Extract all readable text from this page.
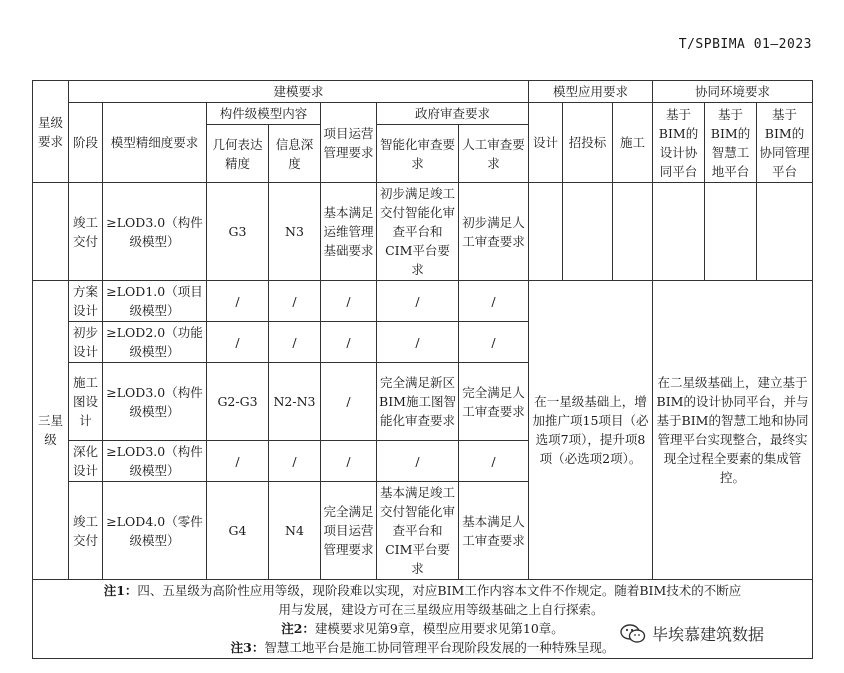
T/SPBIMA 01—2023
星级要求	建模要求							模型应用要求			协同环境要求		
	阶段	模型精细度要求	构件级模型内容		项目运营管理要求	政府审查要求		设计	招投标	施工	基于BIM的设计协同平台	基于BIM的智慧工地平台	基于BIM的协同管理平台
			几何表达精度	信息深度		智能化审查要求	人工审查要求						

	竣工交付	≥LOD3.0（构件级模型）	G3	N3	基本满足运维管理基础要求	初步满足竣工交付智能化审查平台和CIM平台要求	初步满足人工审查要求						
三星级	方案设计	≥LOD1.0（项目级模型）	/	/	/	/	/	在一星级基础上，增加推广项15项目（必选项7项），提升项8项（必选项2项）。			在二星级基础上，建立基于BIM的设计协同平台，并与基于BIM的智慧工地和协同管理平台实现整合，最终实现全过程全要素的集成管控。		
	初步设计	≥LOD2.0（功能级模型）	/	/	/	/	/						
	施工图设计	≥LOD3.0（构件级模型）	G2-G3	N2-N3	/	完全满足新区BIM施工图智能化审查要求	完全满足人工审查要求						
	深化设计	≥LOD3.0（构件级模型）	/	/	/	/	/						
	竣工交付	≥LOD4.0（零件级模型）	G4	N4	完全满足项目运营管理要求	基本满足竣工交付智能化审查平台和CIM平台要求	基本满足人工审查要求						

注1：四、五星级为高阶性应用等级，现阶段难以实现，对应BIM工作内容本文件不作规定。随着BIM技术的不断应
用与发展，建设方可在三星级应用等级基础之上自行探索。
注2：建模要求见第9章，模型应用要求见第10章。
注3：智慧工地平台是施工协同管理平台现阶段发展的一种特殊呈现。													
毕埃慕建筑数据
